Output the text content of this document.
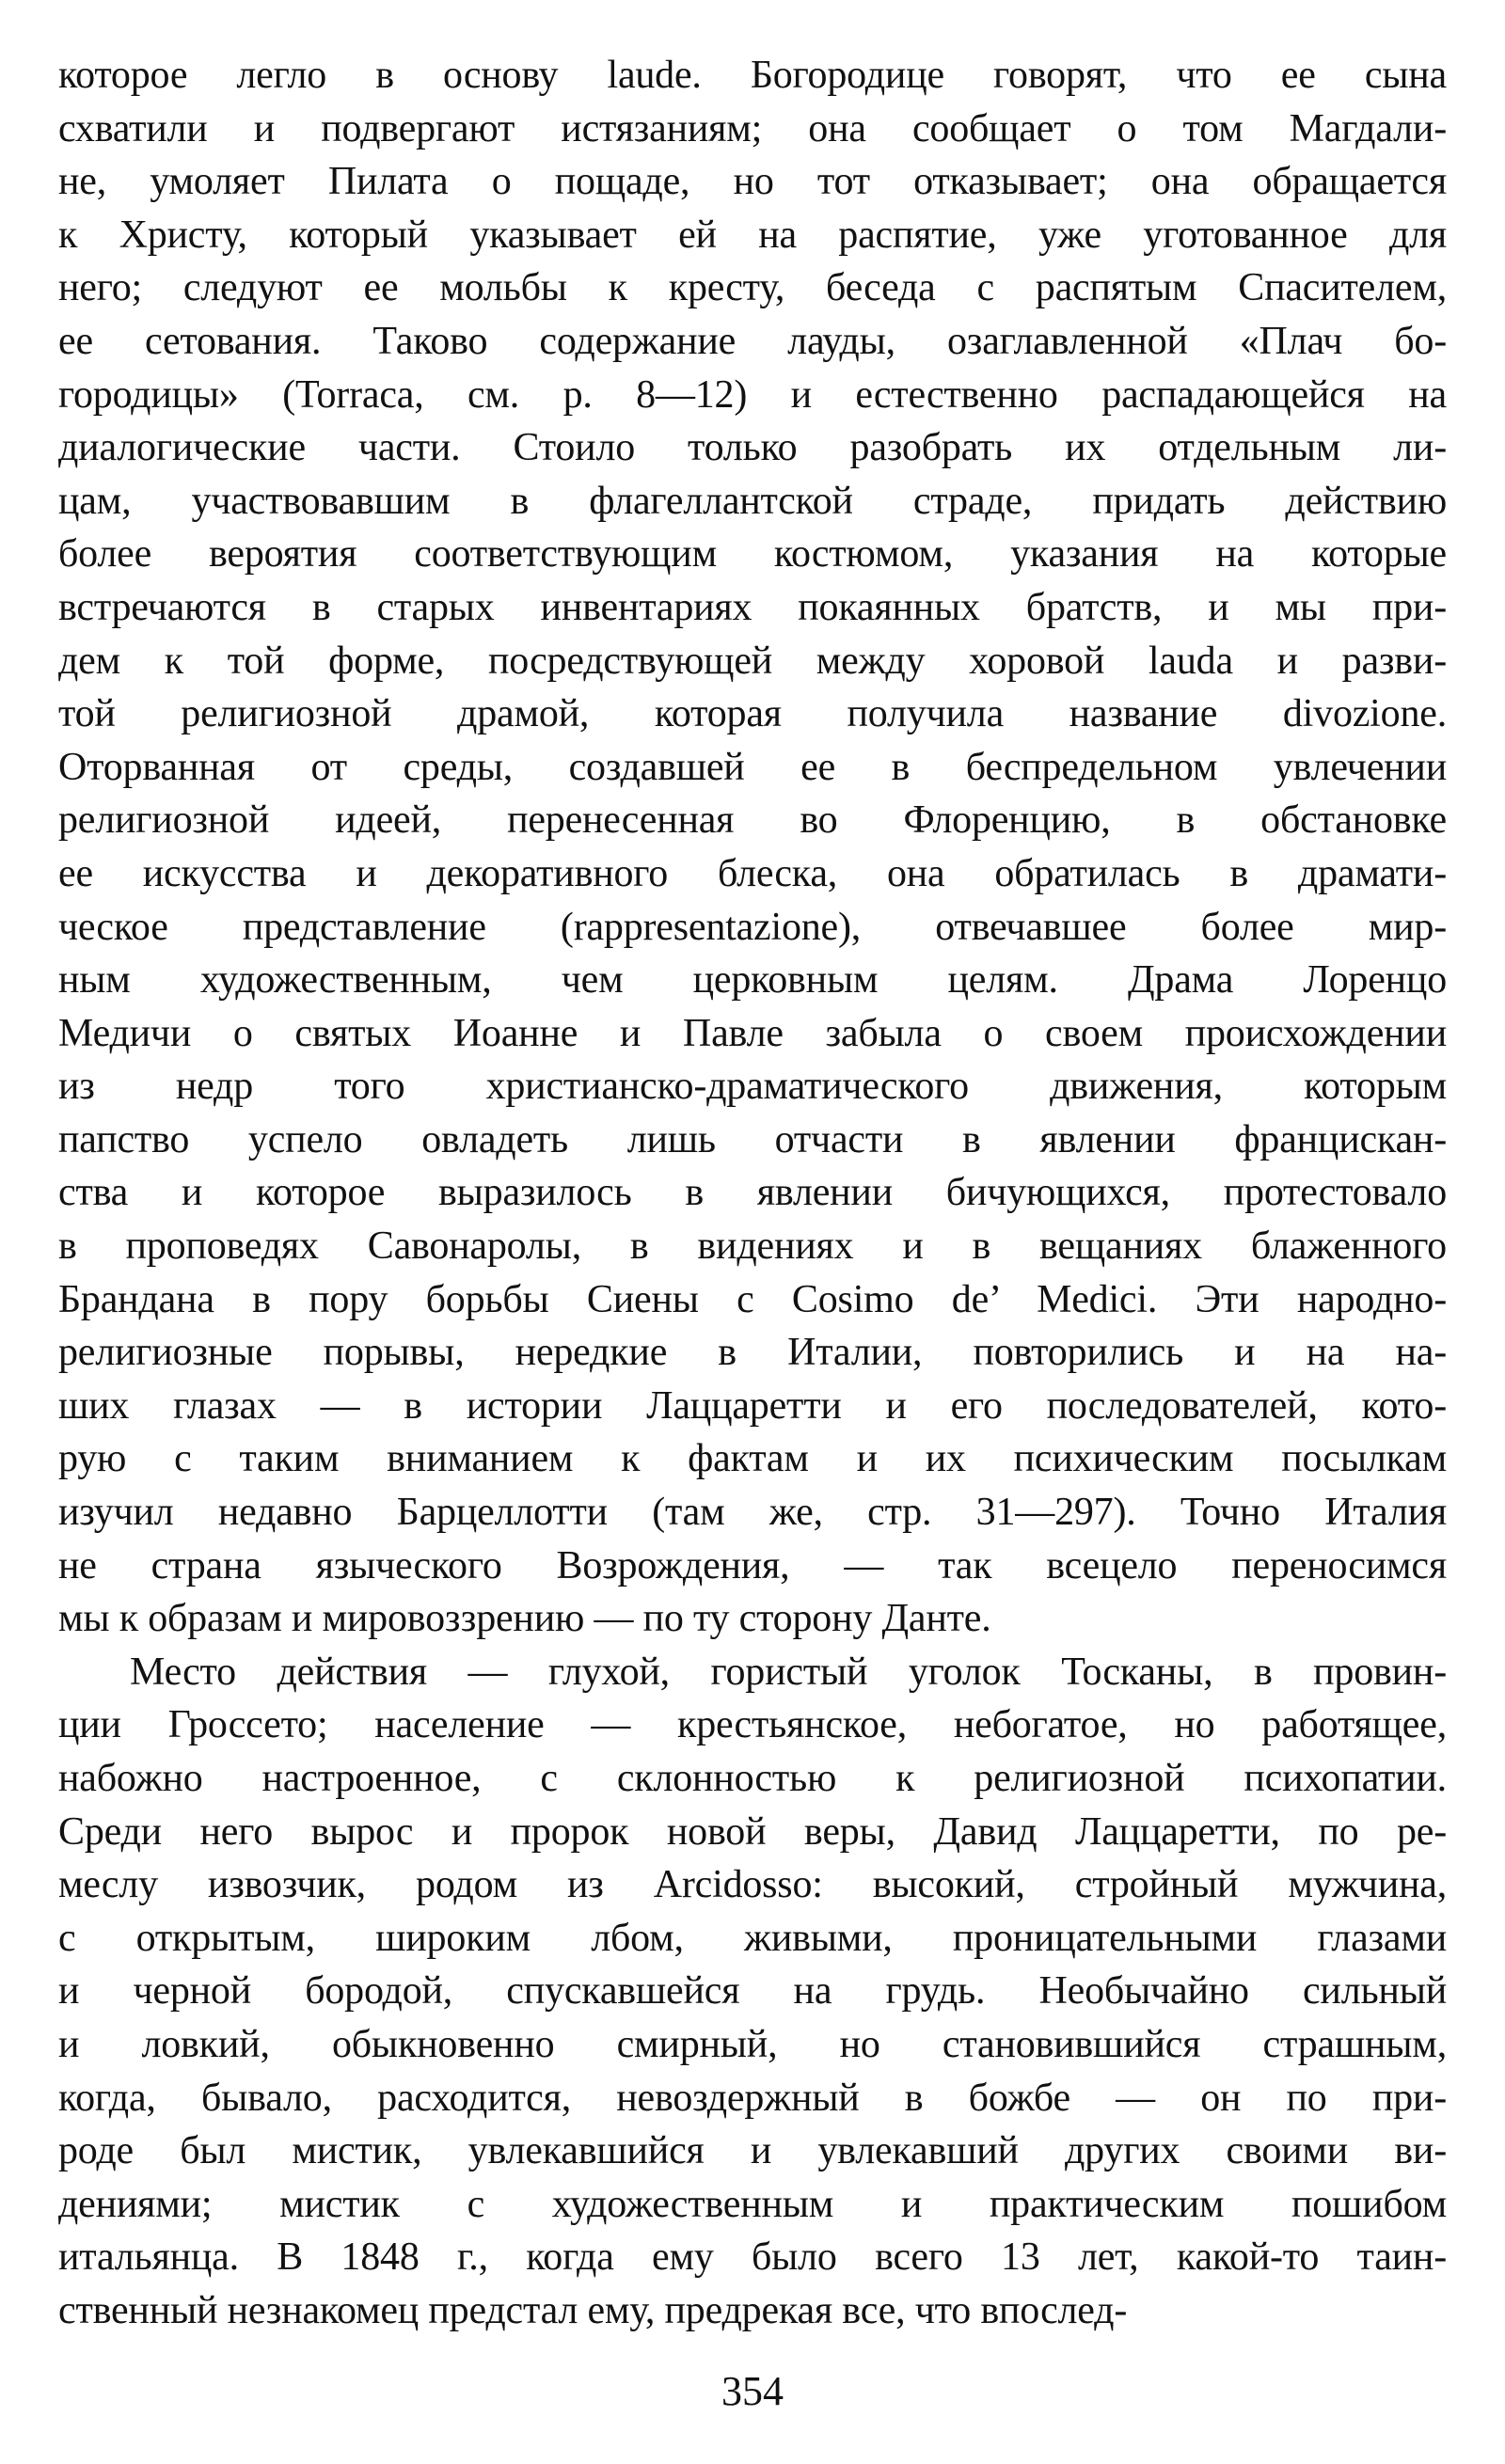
которое легло в основу laude. Богородице говорят, что ее сына
схватили и подвергают истязаниям; она сообщает о том Магдали-
не, умоляет Пилата о пощаде, но тот отказывает; она обращается
к Христу, который указывает ей на распятие, уже уготованное для
него; следуют ее мольбы к кресту, беседа с распятым Спасителем,
ее сетования. Таково содержание лауды, озаглавленной «Плач бо-
городицы» (Torraca, см. р. 8—12) и естественно распадающейся на
диалогические части. Стоило только разобрать их отдельным ли-
цам, участвовавшим в флагеллантской страде, придать действию
более вероятия соответствующим костюмом, указания на которые
встречаются в старых инвентариях покаянных братств, и мы при-
дем к той форме, посредствующей между хоровой lauda и разви-
той религиозной драмой, которая получила название divozione.
Оторванная от среды, создавшей ее в беспредельном увлечении
религиозной идеей, перенесенная во Флоренцию, в обстановке
ее искусства и декоративного блеска, она обратилась в драмати-
ческое представление (rappresentazione), отвечавшее более мир-
ным художественным, чем церковным целям. Драма Лоренцо
Медичи о святых Иоанне и Павле забыла о своем происхождении
из недр того христианско-драматического движения, которым
папство успело овладеть лишь отчасти в явлении францискан-
ства и которое выразилось в явлении бичующихся, протестовало
в проповедях Савонаролы, в видениях и в вещаниях блаженного
Брандана в пору борьбы Сиены с Cosimo de’ Medici. Эти народно-
религиозные порывы, нередкие в Италии, повторились и на на-
ших глазах — в истории Лаццаретти и его последователей, кото-
рую с таким вниманием к фактам и их психическим посылкам
изучил недавно Барцеллотти (там же, стр. 31—297). Точно Италия
не страна языческого Возрождения, — так всецело переносимся
мы к образам и мировоззрению — по ту сторону Данте.
Место действия — глухой, гористый уголок Тосканы, в провин-
ции Гроссето; население — крестьянское, небогатое, но работящее,
набожно настроенное, с склонностью к религиозной психопатии.
Среди него вырос и пророк новой веры, Давид Лаццаретти, по ре-
меслу извозчик, родом из Arcidosso: высокий, стройный мужчина,
с открытым, широким лбом, живыми, проницательными глазами
и черной бородой, спускавшейся на грудь. Необычайно сильный
и ловкий, обыкновенно смирный, но становившийся страшным,
когда, бывало, расходится, невоздержный в божбе — он по при-
роде был мистик, увлекавшийся и увлекавший других своими ви-
дениями; мистик с художественным и практическим пошибом
итальянца. В 1848 г., когда ему было всего 13 лет, какой-то таин-
ственный незнакомец предстал ему, предрекая все, что впослед-
354
